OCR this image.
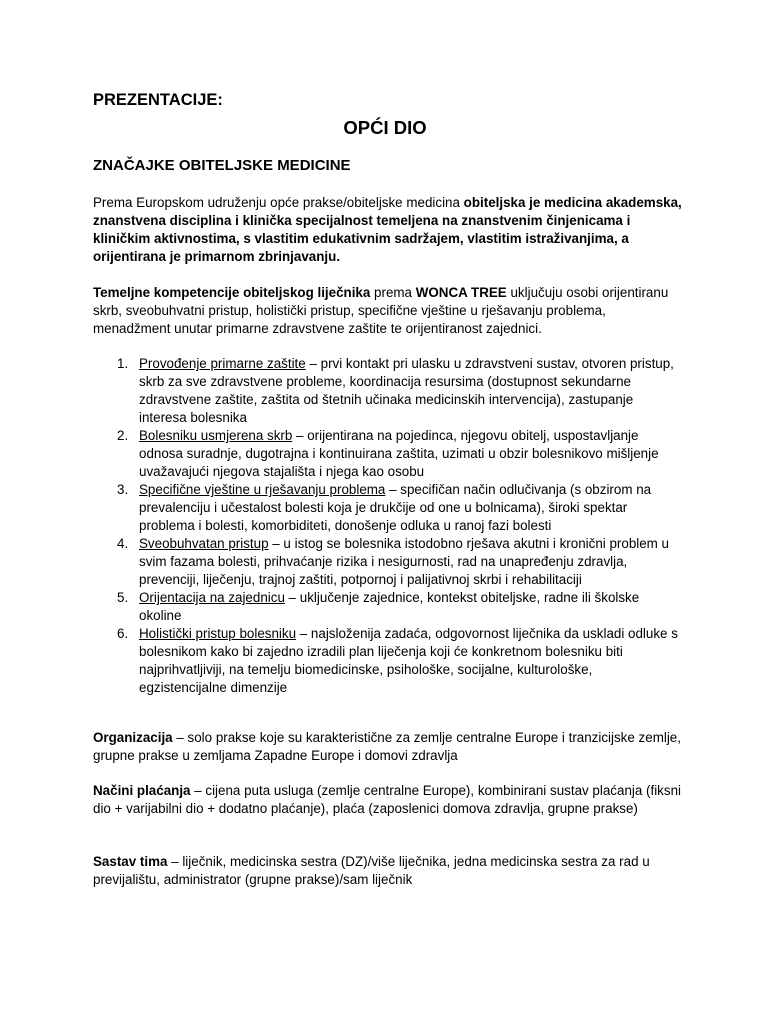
PREZENTACIJE:
OPĆI DIO
ZNAČAJKE OBITELJSKE MEDICINE

Prema Europskom udruženju opće prakse/obiteljske medicina obiteljska je medicina akademska, znanstvena disciplina i klinička specijalnost temeljena na znanstvenim činjenicama i kliničkim aktivnostima, s vlastitim edukativnim sadržajem, vlastitim istraživanjima, a orijentirana je primarnom zbrinjavanju.

Temeljne kompetencije obiteljskog liječnika prema WONCA TREE uključuju osobi orijentiranu skrb, sveobuhvatni pristup, holistički pristup, specifične vještine u rješavanju problema, menadžment unutar primarne zdravstvene zaštite te orijentiranost zajednici.

1. Provođenje primarne zaštite – prvi kontakt pri ulasku u zdravstveni sustav, otvoren pristup, skrb za sve zdravstvene probleme, koordinacija resursima (dostupnost sekundarne zdravstvene zaštite, zaštita od štetnih učinaka medicinskih intervencija), zastupanje interesa bolesnika
2. Bolesniku usmjerena skrb – orijentirana na pojedinca, njegovu obitelj, uspostavljanje odnosa suradnje, dugotrajna i kontinuirana zaštita, uzimati u obzir bolesnikovo mišljenje uvažavajući njegova stajališta i njega kao osobu
3. Specifične vještine u rješavanju problema – specifičan način odlučivanja (s obzirom na prevalenciju i učestalost bolesti koja je drukčije od one u bolnicama), široki spektar problema i bolesti, komorbiditeti, donošenje odluka u ranoj fazi bolesti
4. Sveobuhvatan pristup – u istog se bolesnika istodobno rješava akutni i kronični problem u svim fazama bolesti, prihvaćanje rizika i nesigurnosti, rad na unapređenju zdravlja, prevenciji, liječenju, trajnoj zaštiti, potpornoj i palijativnoj skrbi i rehabilitaciji
5. Orijentacija na zajednicu – uključenje zajednice, kontekst obiteljske, radne ili školske okoline
6. Holistički pristup bolesniku – najsloženija zadaća, odgovornost liječnika da uskladi odluke s bolesnikom kako bi zajedno izradili plan liječenja koji će konkretnom bolesniku biti najprihvatljiviji, na temelju biomedicinske, psihološke, socijalne, kulturološke, egzistencijalne dimenzije

Organizacija – solo prakse koje su karakteristične za zemlje centralne Europe i tranzicijske zemlje, grupne prakse u zemljama Zapadne Europe i domovi zdravlja

Načini plaćanja – cijena puta usluga (zemlje centralne Europe), kombinirani sustav plaćanja (fiksni dio + varijabilni dio + dodatno plaćanje), plaća (zaposlenici domova zdravlja, grupne prakse)

Sastav tima – liječnik, medicinska sestra (DZ)/više liječnika, jedna medicinska sestra za rad u previjalištu, administrator (grupne prakse)/sam liječnik
